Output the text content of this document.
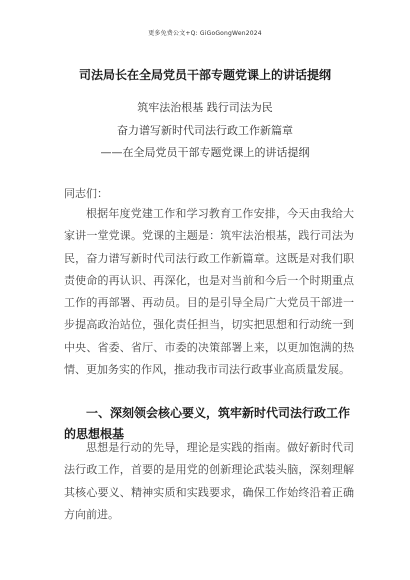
更多免费公文+Q: GiGoGongWen2024
司法局长在全局党员干部专题党课上的讲话提纲
筑牢法治根基 践行司法为民
奋力谱写新时代司法行政工作新篇章
——在全局党员干部专题党课上的讲话提纲
同志们：

根据年度党建工作和学习教育工作安排，今天由我给大家讲一堂党课。党课的主题是：筑牢法治根基，践行司法为民，奋力谱写新时代司法行政工作新篇章。这既是对我们职责使命的再认识、再深化，也是对当前和今后一个时期重点工作的再部署、再动员。目的是引导全局广大党员干部进一步提高政治站位，强化责任担当，切实把思想和行动统一到中央、省委、省厅、市委的决策部署上来，以更加饱满的热情、更加务实的作风，推动我市司法行政事业高质量发展。

一、深刻领会核心要义，筑牢新时代司法行政工作的思想根基

思想是行动的先导，理论是实践的指南。做好新时代司法行政工作，首要的是用党的创新理论武装头脑，深刻理解其核心要义、精神实质和实践要求，确保工作始终沿着正确方向前进。
